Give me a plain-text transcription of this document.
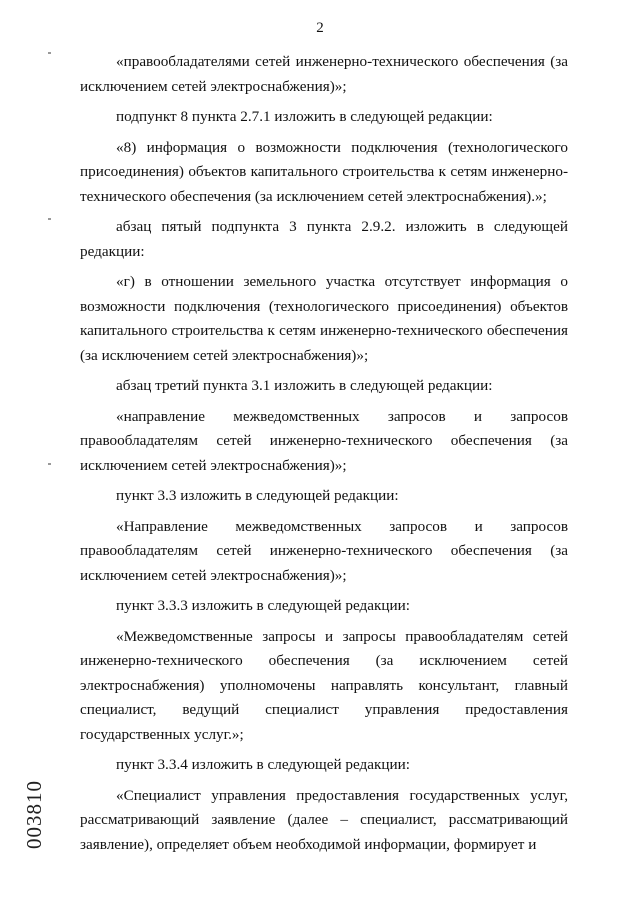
2

«правообладателями сетей инженерно-технического обеспечения (за исключением сетей электроснабжения)»;

подпункт 8 пункта 2.7.1 изложить в следующей редакции:

«8) информация о возможности подключения (технологического присоединения) объектов капитального строительства к сетям инженерно-технического обеспечения (за исключением сетей электроснабжения).»;

абзац пятый подпункта 3 пункта 2.9.2. изложить в следующей редакции:

«г) в отношении земельного участка отсутствует информация о возможности подключения (технологического присоединения) объектов капитального строительства к сетям инженерно-технического обеспечения (за исключением сетей электроснабжения)»;

абзац третий пункта 3.1 изложить в следующей редакции:

«направление межведомственных запросов и запросов правообладателям сетей инженерно-технического обеспечения (за исключением сетей электроснабжения)»;

пункт 3.3 изложить в следующей редакции:

«Направление межведомственных запросов и запросов правообладателям сетей инженерно-технического обеспечения (за исключением сетей электроснабжения)»;

пункт 3.3.3 изложить в следующей редакции:

«Межведомственные запросы и запросы правообладателям сетей инженерно-технического обеспечения (за исключением сетей электроснабжения) уполномочены направлять консультант, главный специалист, ведущий специалист управления предоставления государственных услуг.»;

пункт 3.3.4 изложить в следующей редакции:

«Специалист управления предоставления государственных услуг, рассматривающий заявление (далее – специалист, рассматривающий заявление), определяет объем необходимой информации, формирует и

003810
